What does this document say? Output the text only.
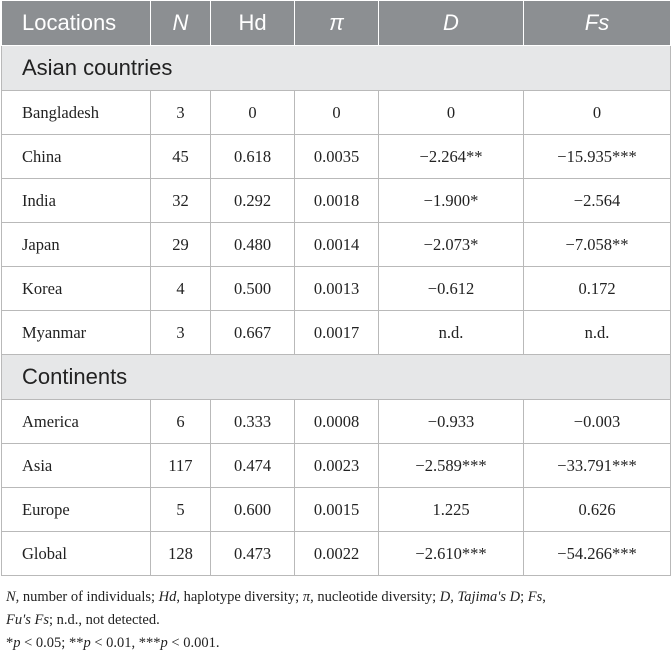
Locations	N	Hd	π	D	Fs
Asian countries					
Bangladesh	3	0	0	0	0
China	45	0.618	0.0035	−2.264**	−15.935***
India	32	0.292	0.0018	−1.900*	−2.564
Japan	29	0.480	0.0014	−2.073*	−7.058**
Korea	4	0.500	0.0013	−0.612	0.172
Myanmar	3	0.667	0.0017	n.d.	n.d.
Continents					
America	6	0.333	0.0008	−0.933	−0.003
Asia	117	0.474	0.0023	−2.589***	−33.791***
Europe	5	0.600	0.0015	1.225	0.626
Global	128	0.473	0.0022	−2.610***	−54.266***
N, number of individuals; Hd, haplotype diversity; π, nucleotide diversity; D, Tajima's D; Fs,
Fu's Fs; n.d., not detected.
*p < 0.05; **p < 0.01, ***p < 0.001.
